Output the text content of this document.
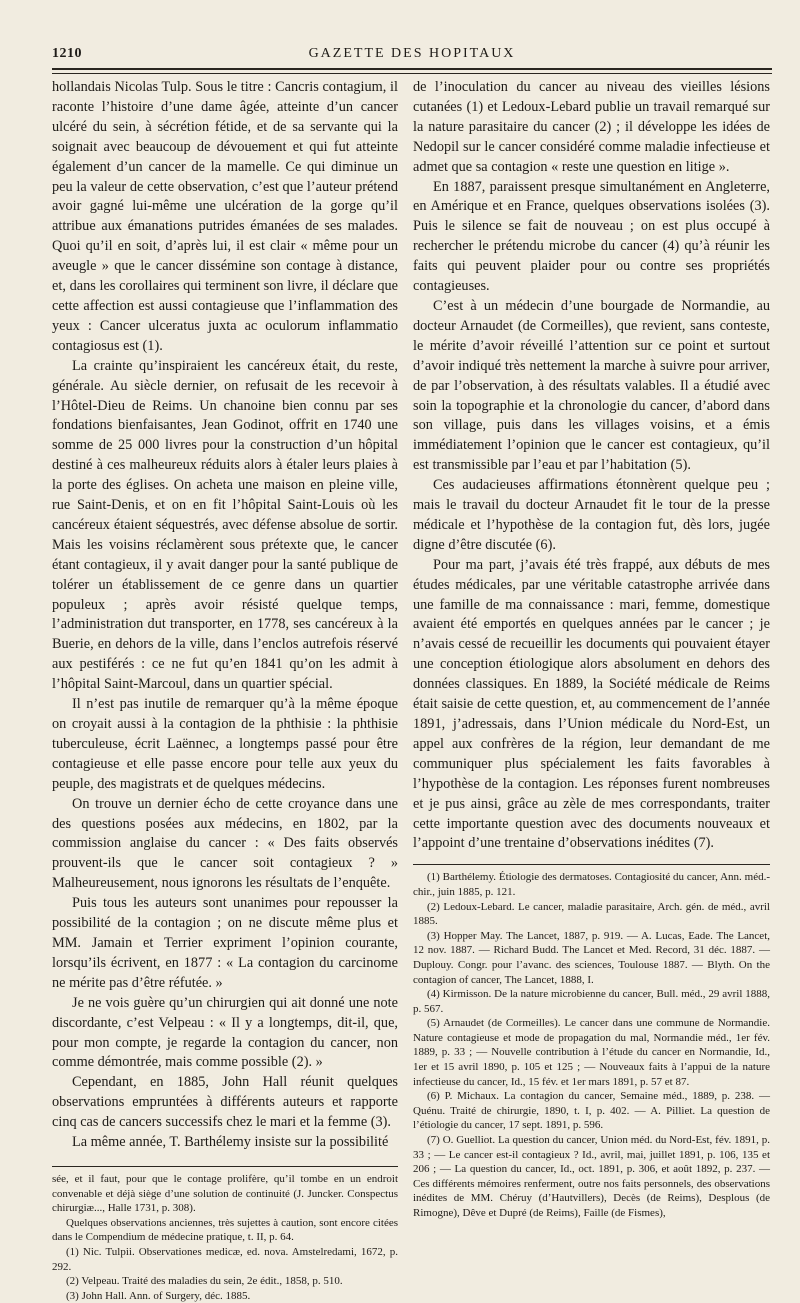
1210	GAZETTE DES HOPITAUX

hollandais Nicolas Tulp. Sous le titre : Cancris contagium, il raconte l’histoire d’une dame âgée, atteinte d’un cancer ulcéré du sein, à sécrétion fétide, et de sa servante qui la soignait avec beaucoup de dévouement et qui fut atteinte également d’un cancer de la mamelle. Ce qui diminue un peu la valeur de cette observation, c’est que l’auteur prétend avoir gagné lui-même une ulcération de la gorge qu’il attribue aux émanations putrides émanées de ses malades. Quoi qu’il en soit, d’après lui, il est clair « même pour un aveugle » que le cancer dissémine son contage à distance, et, dans les corollaires qui terminent son livre, il déclare que cette affection est aussi contagieuse que l’inflammation des yeux : Cancer ulceratus juxta ac oculorum inflammatio contagiosus est (1).

La crainte qu’inspiraient les cancéreux était, du reste, générale. Au siècle dernier, on refusait de les recevoir à l’Hôtel-Dieu de Reims. Un chanoine bien connu par ses fondations bienfaisantes, Jean Godinot, offrit en 1740 une somme de 25 000 livres pour la construction d’un hôpital destiné à ces malheureux réduits alors à étaler leurs plaies à la porte des églises. On acheta une maison en pleine ville, rue Saint-Denis, et on en fit l’hôpital Saint-Louis où les cancéreux étaient séquestrés, avec défense absolue de sortir. Mais les voisins réclamèrent sous prétexte que, le cancer étant contagieux, il y avait danger pour la santé publique de tolérer un établissement de ce genre dans un quartier populeux ; après avoir résisté quelque temps, l’administration dut transporter, en 1778, ses cancéreux à la Buerie, en dehors de la ville, dans l’enclos autrefois réservé aux pestiférés : ce ne fut qu’en 1841 qu’on les admit à l’hôpital Saint-Marcoul, dans un quartier spécial.

Il n’est pas inutile de remarquer qu’à la même époque on croyait aussi à la contagion de la phthisie : la phthisie tuberculeuse, écrit Laënnec, a longtemps passé pour être contagieuse et elle passe encore pour telle aux yeux du peuple, des magistrats et de quelques médecins.

On trouve un dernier écho de cette croyance dans une des questions posées aux médecins, en 1802, par la commission anglaise du cancer : « Des faits observés prouvent-ils que le cancer soit contagieux ? » Malheureusement, nous ignorons les résultats de l’enquête.

Puis tous les auteurs sont unanimes pour repousser la possibilité de la contagion ; on ne discute même plus et MM. Jamain et Terrier expriment l’opinion courante, lorsqu’ils écrivent, en 1877 : « La contagion du carcinome ne mérite pas d’être réfutée. »

Je ne vois guère qu’un chirurgien qui ait donné une note discordante, c’est Velpeau : « Il y a longtemps, dit-il, que, pour mon compte, je regarde la contagion du cancer, non comme démontrée, mais comme possible (2). »

Cependant, en 1885, John Hall réunit quelques observations empruntées à différents auteurs et rapporte cinq cas de cancers successifs chez le mari et la femme (3).

La même année, T. Barthélemy insiste sur la possibilité

sée, et il faut, pour que le contage prolifère, qu’il tombe en un endroit convenable et déjà siège d’une solution de continuité (J. Juncker. Conspectus chirurgiæ..., Halle 1731, p. 308).

Quelques observations anciennes, très sujettes à caution, sont encore citées dans le Compendium de médecine pratique, t. II, p. 64.

(1) Nic. Tulpii. Observationes medicæ, ed. nova. Amstelredami, 1672, p. 292.

(2) Velpeau. Traité des maladies du sein, 2e édit., 1858, p. 510.

(3) John Hall. Ann. of Surgery, déc. 1885.

de l’inoculation du cancer au niveau des vieilles lésions cutanées (1) et Ledoux-Lebard publie un travail remarqué sur la nature parasitaire du cancer (2) ; il développe les idées de Nedopil sur le cancer considéré comme maladie infectieuse et admet que sa contagion « reste une question en litige ».

En 1887, paraissent presque simultanément en Angleterre, en Amérique et en France, quelques observations isolées (3). Puis le silence se fait de nouveau ; on est plus occupé à rechercher le prétendu microbe du cancer (4) qu’à réunir les faits qui peuvent plaider pour ou contre ses propriétés contagieuses.

C’est à un médecin d’une bourgade de Normandie, au docteur Arnaudet (de Cormeilles), que revient, sans conteste, le mérite d’avoir réveillé l’attention sur ce point et surtout d’avoir indiqué très nettement la marche à suivre pour arriver, de par l’observation, à des résultats valables. Il a étudié avec soin la topographie et la chronologie du cancer, d’abord dans son village, puis dans les villages voisins, et a émis immédiatement l’opinion que le cancer est contagieux, qu’il est transmissible par l’eau et par l’habitation (5).

Ces audacieuses affirmations étonnèrent quelque peu ; mais le travail du docteur Arnaudet fit le tour de la presse médicale et l’hypothèse de la contagion fut, dès lors, jugée digne d’être discutée (6).

Pour ma part, j’avais été très frappé, aux débuts de mes études médicales, par une véritable catastrophe arrivée dans une famille de ma connaissance : mari, femme, domestique avaient été emportés en quelques années par le cancer ; je n’avais cessé de recueillir les documents qui pouvaient étayer une conception étiologique alors absolument en dehors des données classiques. En 1889, la Société médicale de Reims était saisie de cette question, et, au commencement de l’année 1891, j’adressais, dans l’Union médicale du Nord-Est, un appel aux confrères de la région, leur demandant de me communiquer plus spécialement les faits favorables à l’hypothèse de la contagion. Les réponses furent nombreuses et je pus ainsi, grâce au zèle de mes correspondants, traiter cette importante question avec des documents nouveaux et l’appoint d’une trentaine d’observations inédites (7).

(1) Barthélemy. Étiologie des dermatoses. Contagiosité du cancer, Ann. méd.-chir., juin 1885, p. 121.

(2) Ledoux-Lebard. Le cancer, maladie parasitaire, Arch. gén. de méd., avril 1885.

(3) Hopper May. The Lancet, 1887, p. 919. — A. Lucas, Eade. The Lancet, 12 nov. 1887. — Richard Budd. The Lancet et Med. Record, 31 déc. 1887. — Duplouy. Congr. pour l’avanc. des sciences, Toulouse 1887. — Blyth. On the contagion of cancer, The Lancet, 1888, I.

(4) Kirmisson. De la nature microbienne du cancer, Bull. méd., 29 avril 1888, p. 567.

(5) Arnaudet (de Cormeilles). Le cancer dans une commune de Normandie. Nature contagieuse et mode de propagation du mal, Normandie méd., 1er fév. 1889, p. 33 ; — Nouvelle contribution à l’étude du cancer en Normandie, Id., 1er et 15 avril 1890, p. 105 et 125 ; — Nouveaux faits à l’appui de la nature infectieuse du cancer, Id., 15 fév. et 1er mars 1891, p. 57 et 87.

(6) P. Michaux. La contagion du cancer, Semaine méd., 1889, p. 238. — Quénu. Traité de chirurgie, 1890, t. I, p. 402. — A. Pilliet. La question de l’étiologie du cancer, 17 sept. 1891, p. 596.

(7) O. Guelliot. La question du cancer, Union méd. du Nord-Est, fév. 1891, p. 33 ; — Le cancer est-il contagieux ? Id., avril, mai, juillet 1891, p. 106, 135 et 206 ; — La question du cancer, Id., oct. 1891, p. 306, et août 1892, p. 237. — Ces différents mémoires renferment, outre nos faits personnels, des observations inédites de MM. Chéruy (d’Hautvillers), Decès (de Reims), Desplous (de Rimogne), Dêve et Dupré (de Reims), Faille (de Fismes),
